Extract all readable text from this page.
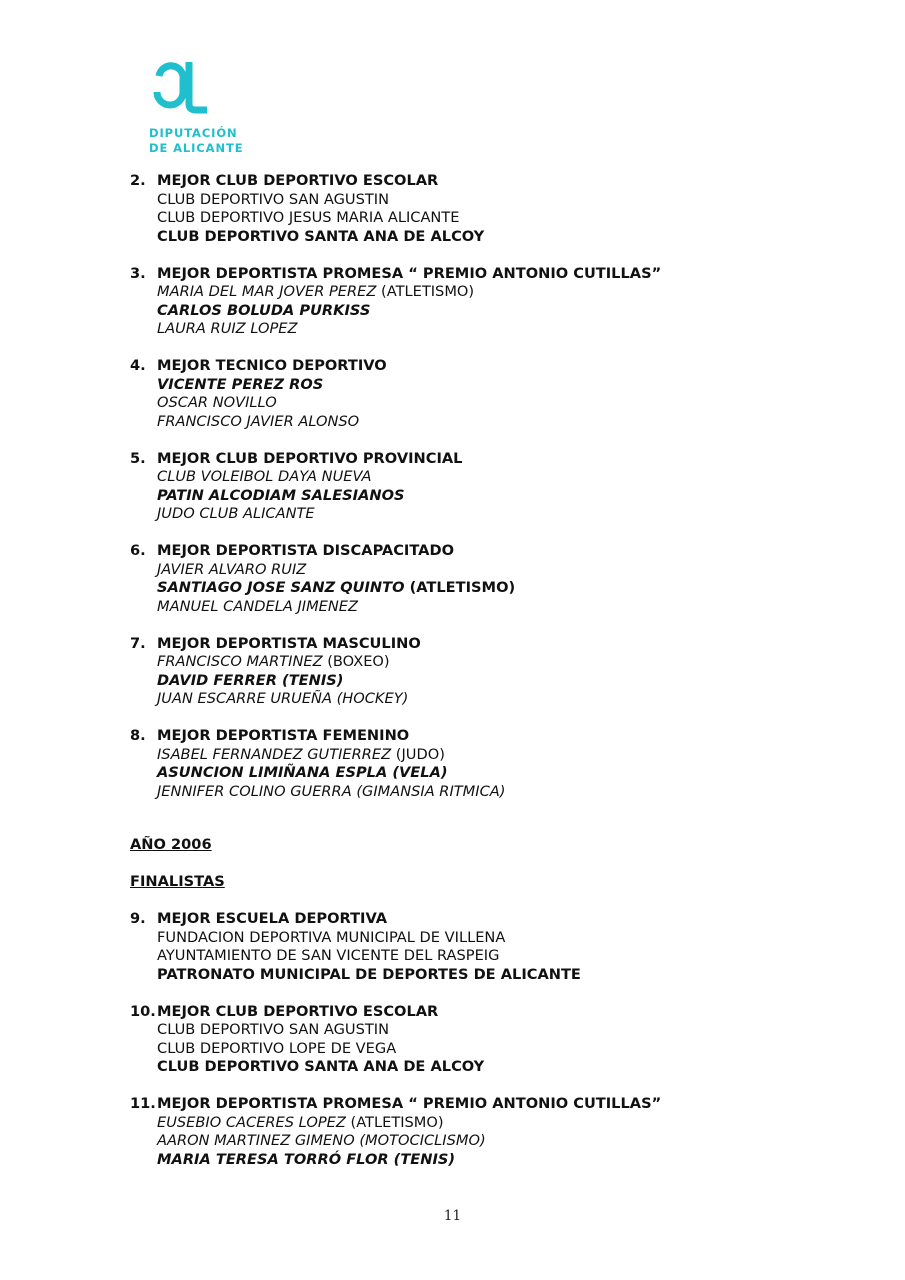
DIPUTACIÓN
DE ALICANTE
2. MEJOR CLUB DEPORTIVO ESCOLAR
CLUB DEPORTIVO SAN AGUSTIN
CLUB DEPORTIVO JESUS MARIA ALICANTE
CLUB DEPORTIVO SANTA ANA DE ALCOY
3. MEJOR DEPORTISTA PROMESA “ PREMIO ANTONIO CUTILLAS”
MARIA DEL MAR JOVER PEREZ (ATLETISMO)
CARLOS BOLUDA PURKISS
LAURA RUIZ LOPEZ
4. MEJOR TECNICO DEPORTIVO
VICENTE PEREZ ROS
OSCAR NOVILLO
FRANCISCO JAVIER ALONSO
5. MEJOR CLUB DEPORTIVO PROVINCIAL
CLUB VOLEIBOL DAYA NUEVA
PATIN ALCODIAM SALESIANOS
JUDO CLUB ALICANTE
6. MEJOR DEPORTISTA DISCAPACITADO
JAVIER ALVARO RUIZ
SANTIAGO JOSE SANZ QUINTO (ATLETISMO)
MANUEL CANDELA JIMENEZ
7. MEJOR DEPORTISTA MASCULINO
FRANCISCO MARTINEZ (BOXEO)
DAVID FERRER (TENIS)
JUAN ESCARRE URUEÑA (HOCKEY)
8. MEJOR DEPORTISTA FEMENINO
ISABEL FERNANDEZ GUTIERREZ (JUDO)
ASUNCION LIMIÑANA ESPLA (VELA)
JENNIFER COLINO GUERRA (GIMANSIA RITMICA)
AÑO 2006
FINALISTAS
9. MEJOR ESCUELA DEPORTIVA
FUNDACION DEPORTIVA MUNICIPAL DE VILLENA
AYUNTAMIENTO DE SAN VICENTE DEL RASPEIG
PATRONATO MUNICIPAL DE DEPORTES DE ALICANTE
10. MEJOR CLUB DEPORTIVO ESCOLAR
CLUB DEPORTIVO SAN AGUSTIN
CLUB DEPORTIVO LOPE DE VEGA
CLUB DEPORTIVO SANTA ANA DE ALCOY
11. MEJOR DEPORTISTA PROMESA “ PREMIO ANTONIO CUTILLAS”
EUSEBIO CACERES LOPEZ (ATLETISMO)
AARON MARTINEZ GIMENO (MOTOCICLISMO)
MARIA TERESA TORRÓ FLOR (TENIS)
11
